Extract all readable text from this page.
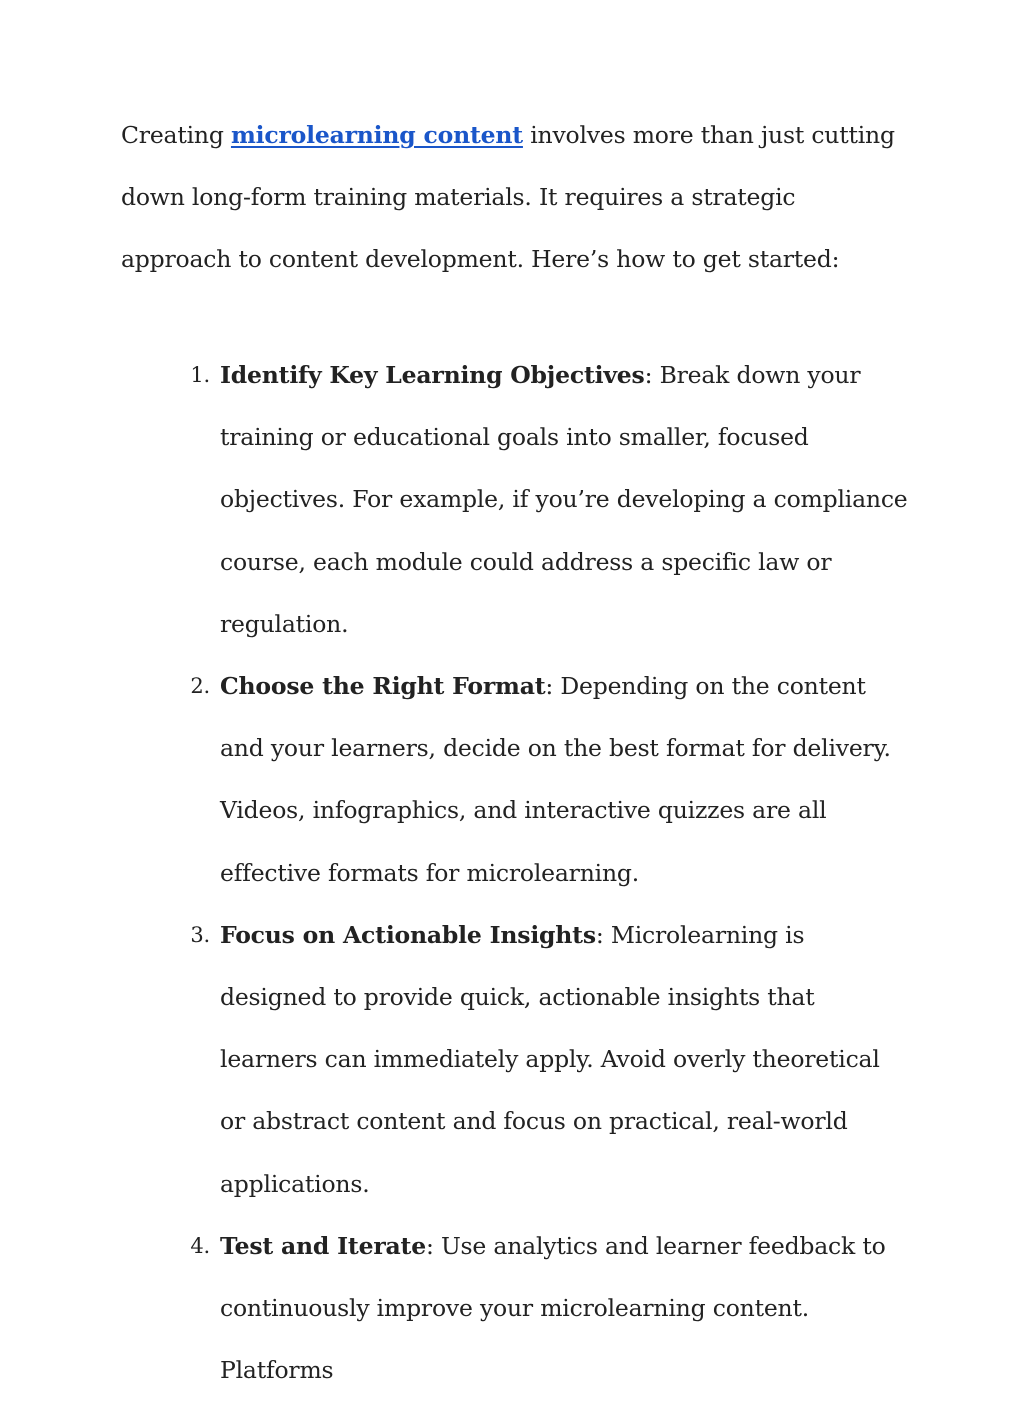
Creating microlearning content involves more than just cutting down long-form training materials. It requires a strategic approach to content development. Here’s how to get started:

1. Identify Key Learning Objectives: Break down your training or educational goals into smaller, focused objectives. For example, if you’re developing a compliance course, each module could address a specific law or regulation.
2. Choose the Right Format: Depending on the content and your learners, decide on the best format for delivery. Videos, infographics, and interactive quizzes are all effective formats for microlearning.
3. Focus on Actionable Insights: Microlearning is designed to provide quick, actionable insights that learners can immediately apply. Avoid overly theoretical or abstract content and focus on practical, real-world applications.
4. Test and Iterate: Use analytics and learner feedback to continuously improve your microlearning content. Platforms
